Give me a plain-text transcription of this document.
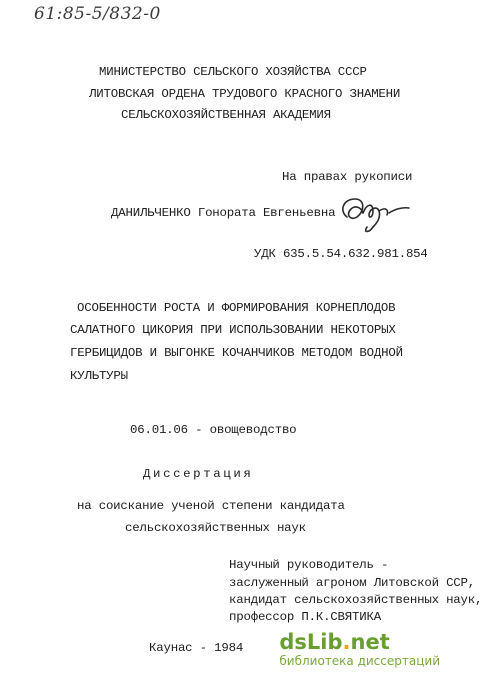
61:85-5/832-0
МИНИСТЕРСТВО СЕЛЬСКОГО ХОЗЯЙСТВА СССР
ЛИТОВСКАЯ ОРДЕНА ТРУДОВОГО КРАСНОГО ЗНАМЕНИ
СЕЛЬСКОХОЗЯЙСТВЕННАЯ АКАДЕМИЯ
На правах рукописи
ДАНИЛЬЧЕНКО Гонората Евгеньевна
УДК 635.5.54.632.981.854
ОСОБЕННОСТИ РОСТА И ФОРМИРОВАНИЯ КОРНЕПЛОДОВ
САЛАТНОГО ЦИКОРИЯ ПРИ ИСПОЛЬЗОВАНИИ НЕКОТОРЫХ
ГЕРБИЦИДОВ И ВЫГОНКЕ КОЧАНЧИКОВ МЕТОДОМ ВОДНОЙ
КУЛЬТУРЫ
06.01.06 - овощеводство
Диссертация
на соискание ученой степени кандидата
сельскохозяйственных наук
Научный руководитель -
заслуженный агроном Литовской ССР,
кандидат сельскохозяйственных наук,
профессор П.К.СВЯТИКА
Каунас - 1984 dsLib.net
библиотека диссертаций
